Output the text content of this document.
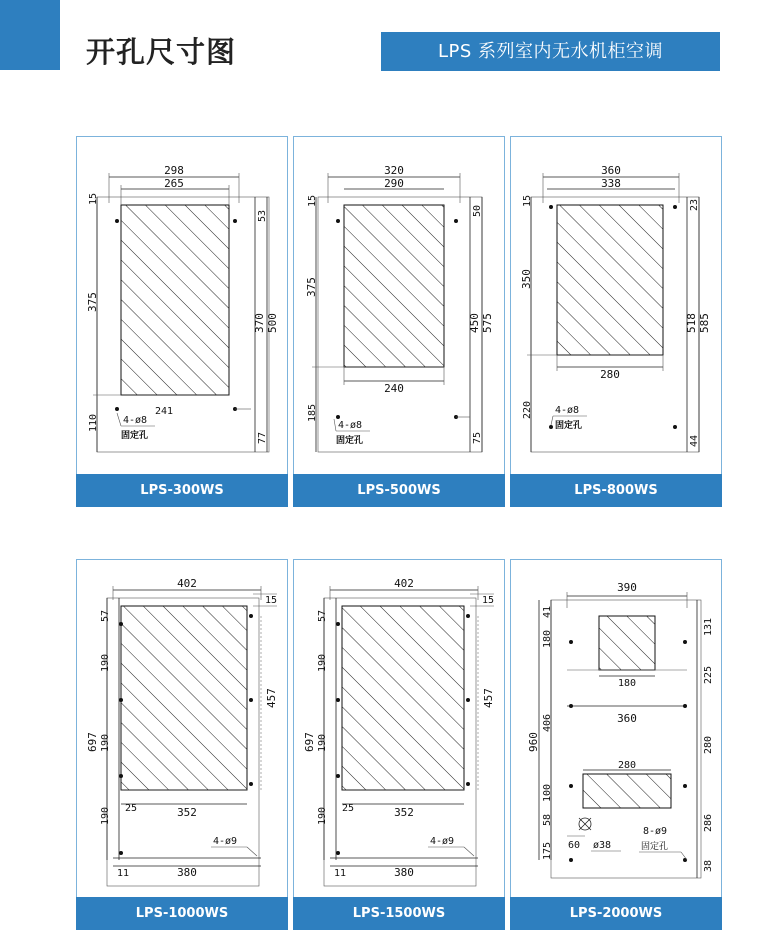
开孔尺寸图	LPS 系列室内无水机柜空调
298
265
15
375
110
53
370 500
77
241
4-ø8
固定孔
LPS-300WS
240
320
290
15
375
185
50
450 575
75
4-ø8
固定孔
LPS-500WS
280
360
338
15
350
220
23
518 585
44
4-ø8
固定孔
LPS-800WS
402
15
57
190
697 190
190
457
25	352
4-ø9
11	380
LPS-1000WS
402
15
57
190
697 190
190
457
25	352
4-ø9
11	380
LPS-1500WS
390
180
360
280
41
180
406
960
100
58
175
131
225
280
286
38
60 ø38
8-ø9
固定孔
LPS-2000WS
